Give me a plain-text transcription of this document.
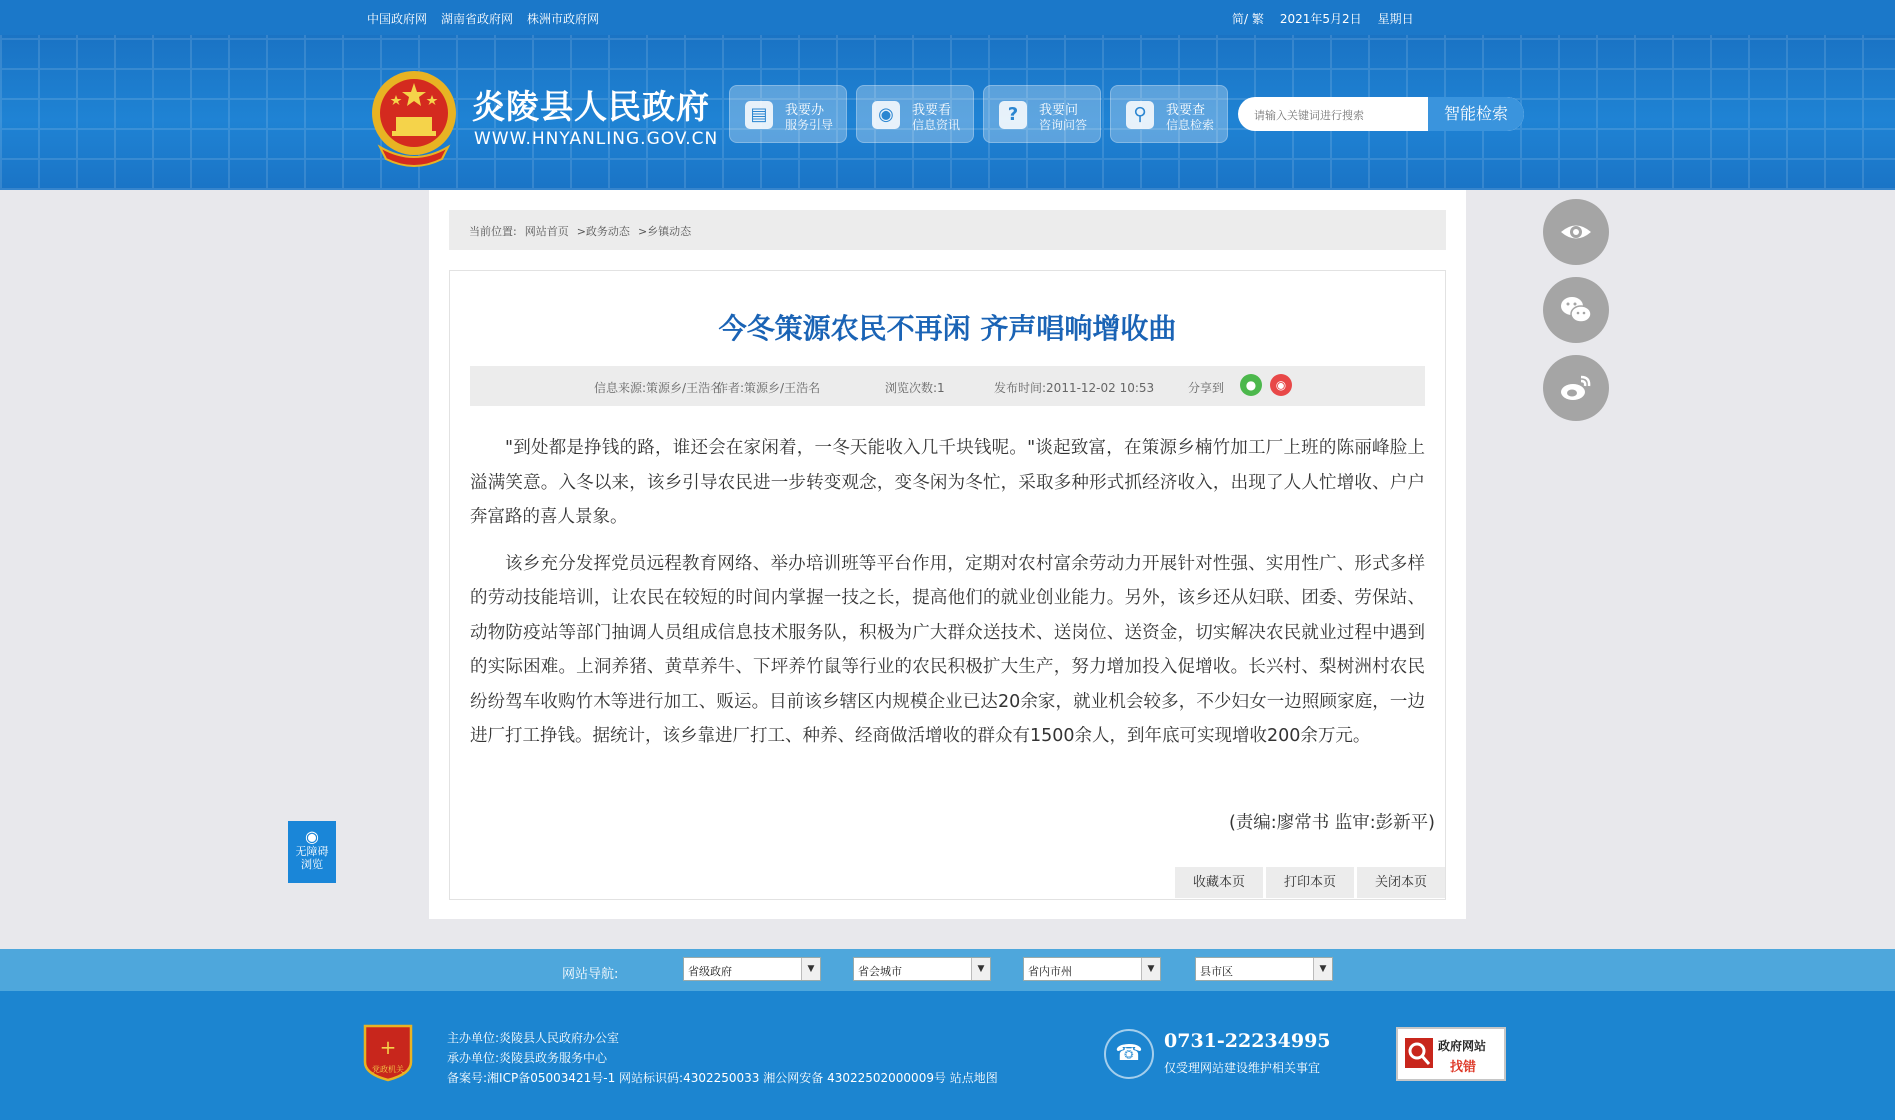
中国政府网 湖南省政府网 株洲市政府网	简/ 繁 2021年5月2日 星期日
炎陵县人民政府
WWW.HNYANLING.GOV.CN
▤	我要办
服务引导	◉	我要看
信息资讯	?	我要问
咨询问答	⚲	我要查
信息检索
请输入关键词进行搜索
智能检索
当前位置: 网站首页 >政务动态 >乡镇动态
今冬策源农民不再闲 齐声唱响增收曲
信息来源:策源乡/王浩名
作者:策源乡/王浩名	浏览次数:1	发布时间:2011-12-02 10:53	分享到	●	◉

"到处都是挣钱的路，谁还会在家闲着，一冬天能收入几千块钱呢。"谈起致富，在策源乡楠竹加工厂上班的陈丽峰脸上溢满笑意。入冬以来，该乡引导农民进一步转变观念，变冬闲为冬忙，采取多种形式抓经济收入，出现了人人忙增收、户户奔富路的喜人景象。

该乡充分发挥党员远程教育网络、举办培训班等平台作用，定期对农村富余劳动力开展针对性强、实用性广、形式多样的劳动技能培训，让农民在较短的时间内掌握一技之长，提高他们的就业创业能力。另外，该乡还从妇联、团委、劳保站、动物防疫站等部门抽调人员组成信息技术服务队，积极为广大群众送技术、送岗位、送资金，切实解决农民就业过程中遇到的实际困难。上洞养猪、黄草养牛、下坪养竹鼠等行业的农民积极扩大生产，努力增加投入促增收。长兴村、梨树洲村农民纷纷驾车收购竹木等进行加工、贩运。目前该乡辖区内规模企业已达20余家，就业机会较多，不少妇女一边照顾家庭，一边进厂打工挣钱。据统计，该乡靠进厂打工、种养、经商做活增收的群众有1500余人，到年底可实现增收200余万元。

(责编:廖常书 监审:彭新平)
收藏本页	打印本页	关闭本页
◉
无障碍
浏览
网站导航:	省级政府	▼	省会城市	▼	省内市州	▼	县市区	▼
+
党政机关
主办单位:炎陵县人民政府办公室
承办单位:炎陵县政务服务中心
备案号:湘ICP备05003421号-1 网站标识码:4302250033 湘公网安备 43022502000009号 站点地图
☎	0731-22234995
仅受理网站建设维护相关事宜
政府网站
找错
